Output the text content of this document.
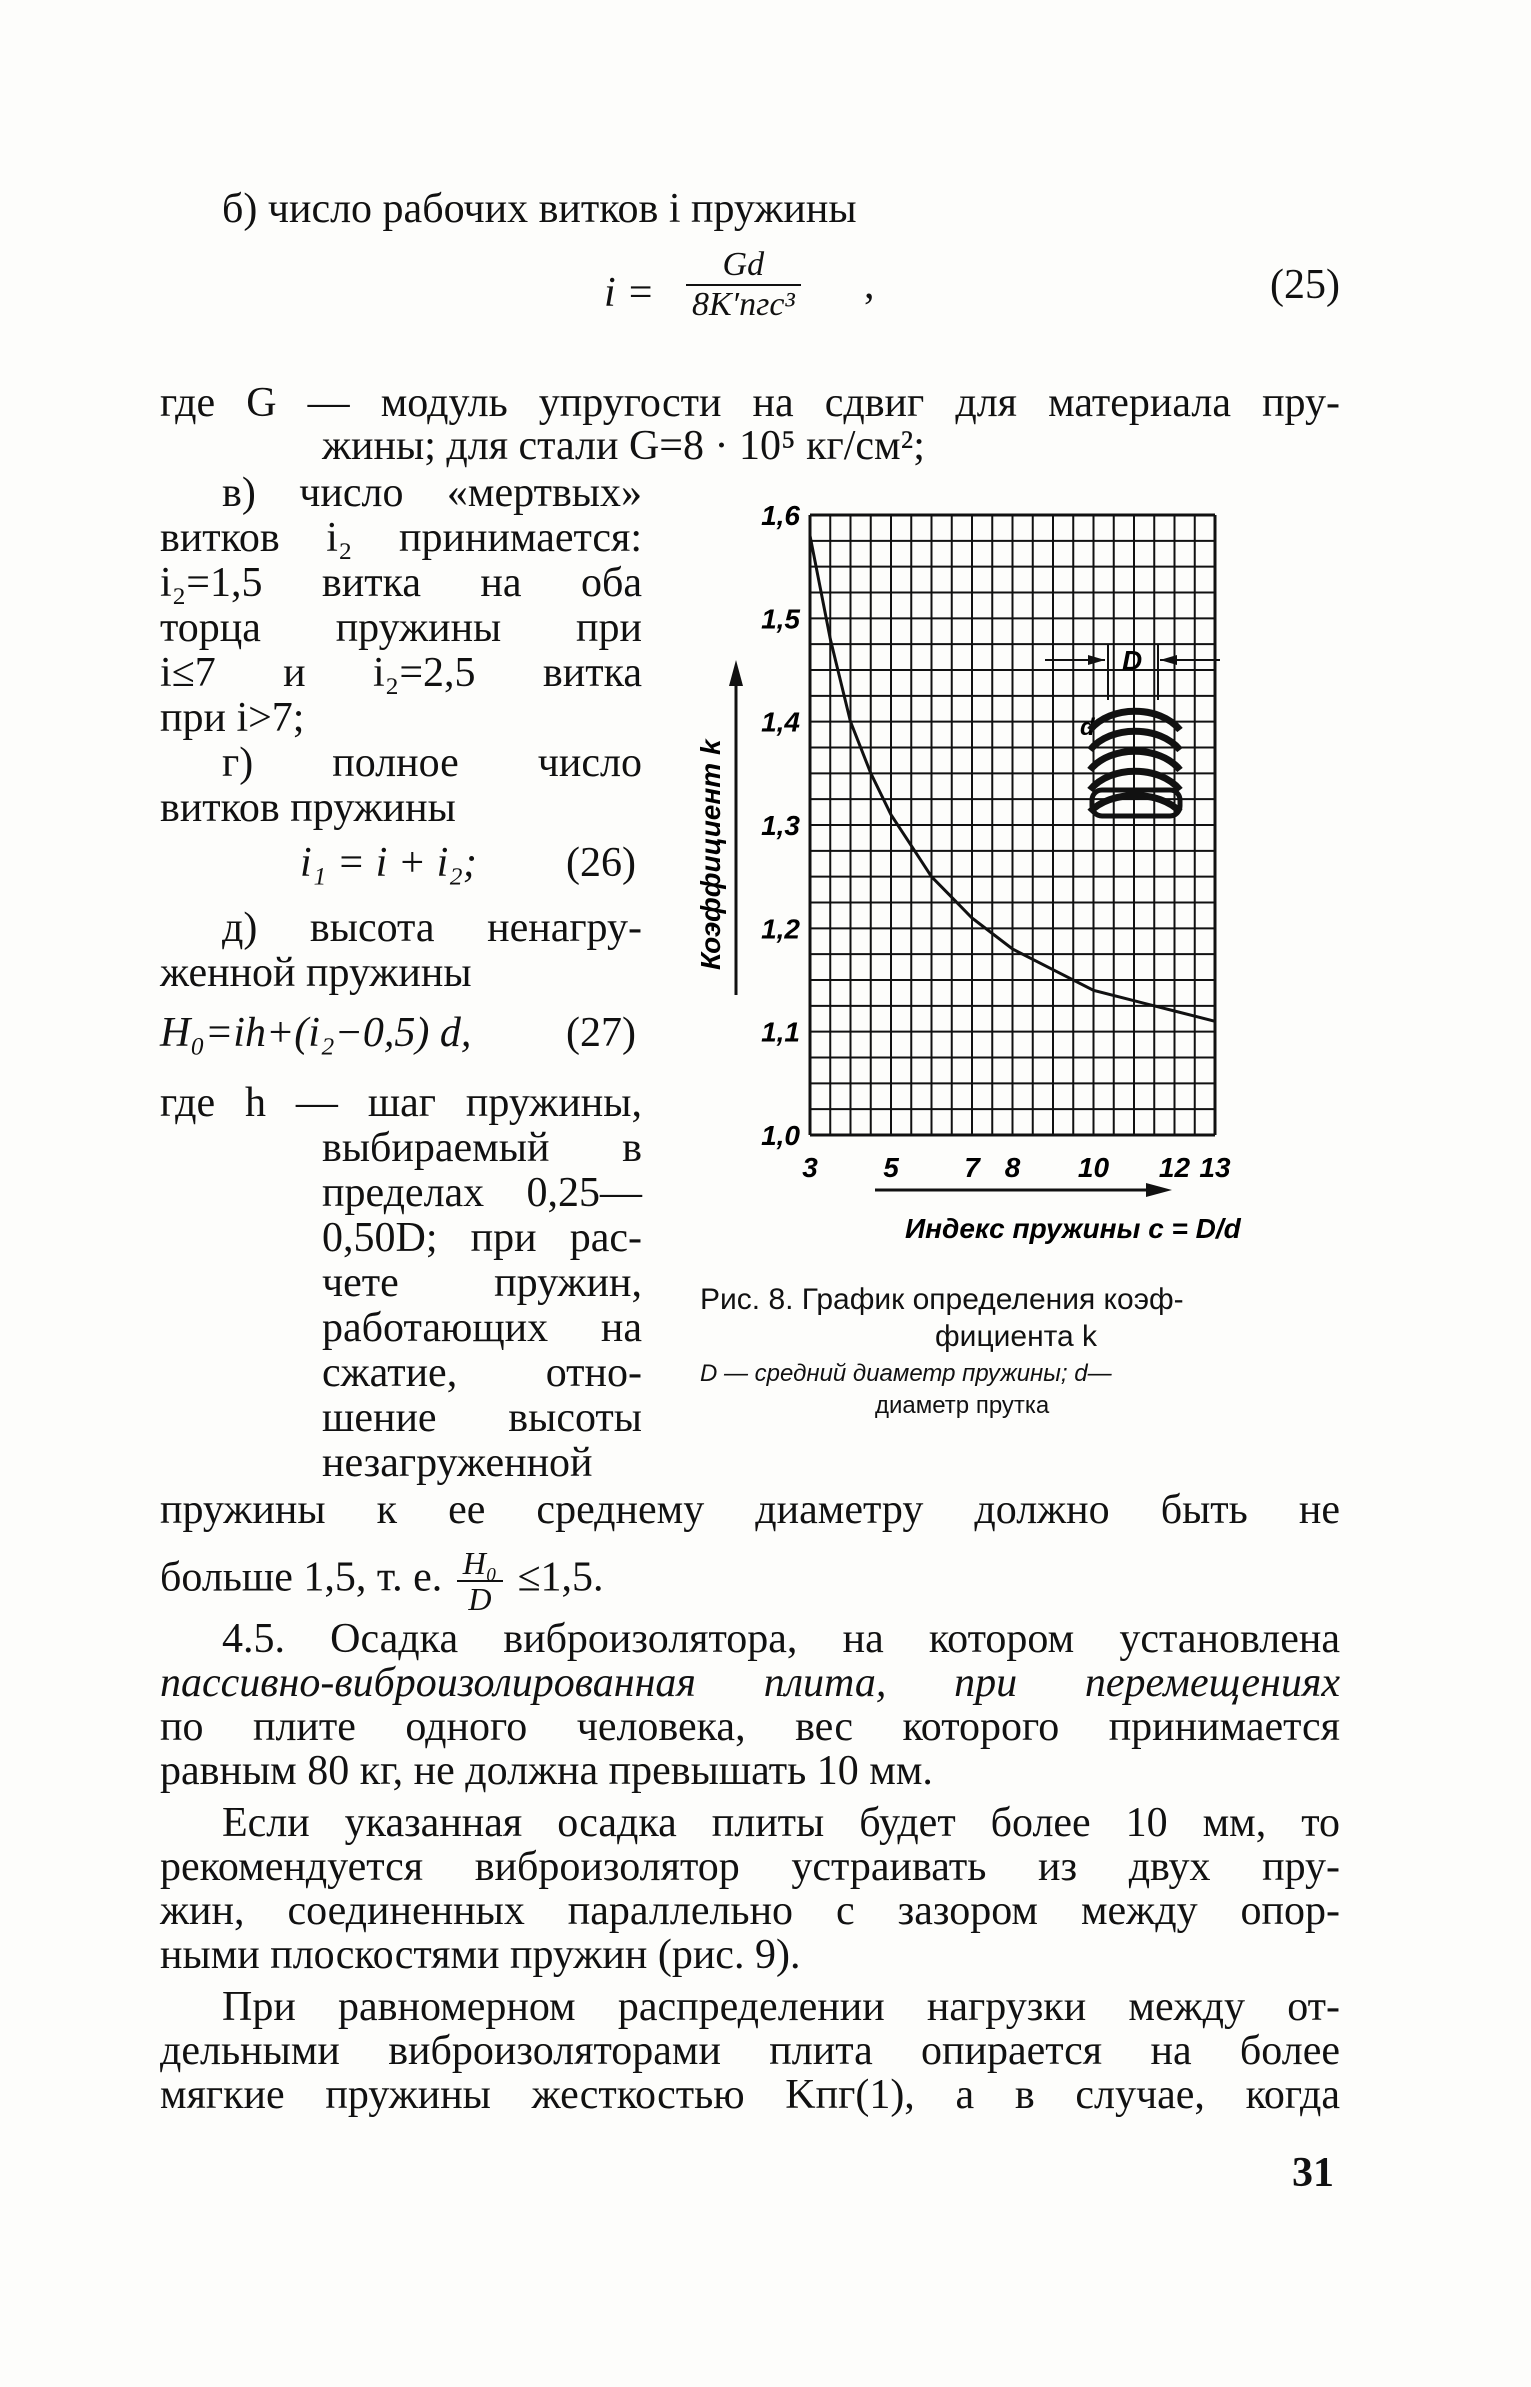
б) число рабочих витков i пружины
$i = \frac{Gd}{\text{8K′пгc³}}$ ,	(25)
где G — модуль упругости на сдвиг для материала пру-
жины; для стали G=8 · 10⁵ кг/см²;
в) число «мертвых»
витков i₂ принимается:
i₂=1,5 витка на оба
торца пружины при
i≤7 и i₂=2,5 витка
при i>7;
г) полное число
витков пружины
i₁ = i + i₂; (26)
д) высота ненагру-
женной пружины
H₀=ih+(i₂−0,5) d, (27)
где h — шаг пружины,
выбираемый в
пределах 0,25—
0,50D; при рас-
чете пружин,
работающих на
сжатие, отно-
шение высоты
незагруженной
3 5 7 8 10 12 13
1,0
1,1
1,2
1,3
1,4
1,5
1,6
Коэффициент k
Индекс пружины c = D/d
D
d
Рис. 8. График определения коэф-
фициента k
D — средний диаметр пружины; d—
диаметр прутка
пружины к ее среднему диаметру должно быть не
больше 1,5, т. е. $\frac{\text{H₀}}{D} \le 1,5$.
4.5. Осадка виброизолятора, на котором установлена
пассивно-виброизолированная плита, при перемещениях
по плите одного человека, вес которого принимается
равным 80 кг, не должна превышать 10 мм.
Если указанная осадка плиты будет более 10 мм, то
рекомендуется виброизолятор устраивать из двух пру-
жин, соединенных параллельно с зазором между опор-
ными плоскостями пружин (рис. 9).
При равномерном распределении нагрузки между от-
дельными виброизоляторами плита опирается на более
мягкие пружины жесткостью Kпг(1), а в случае, когда
31
